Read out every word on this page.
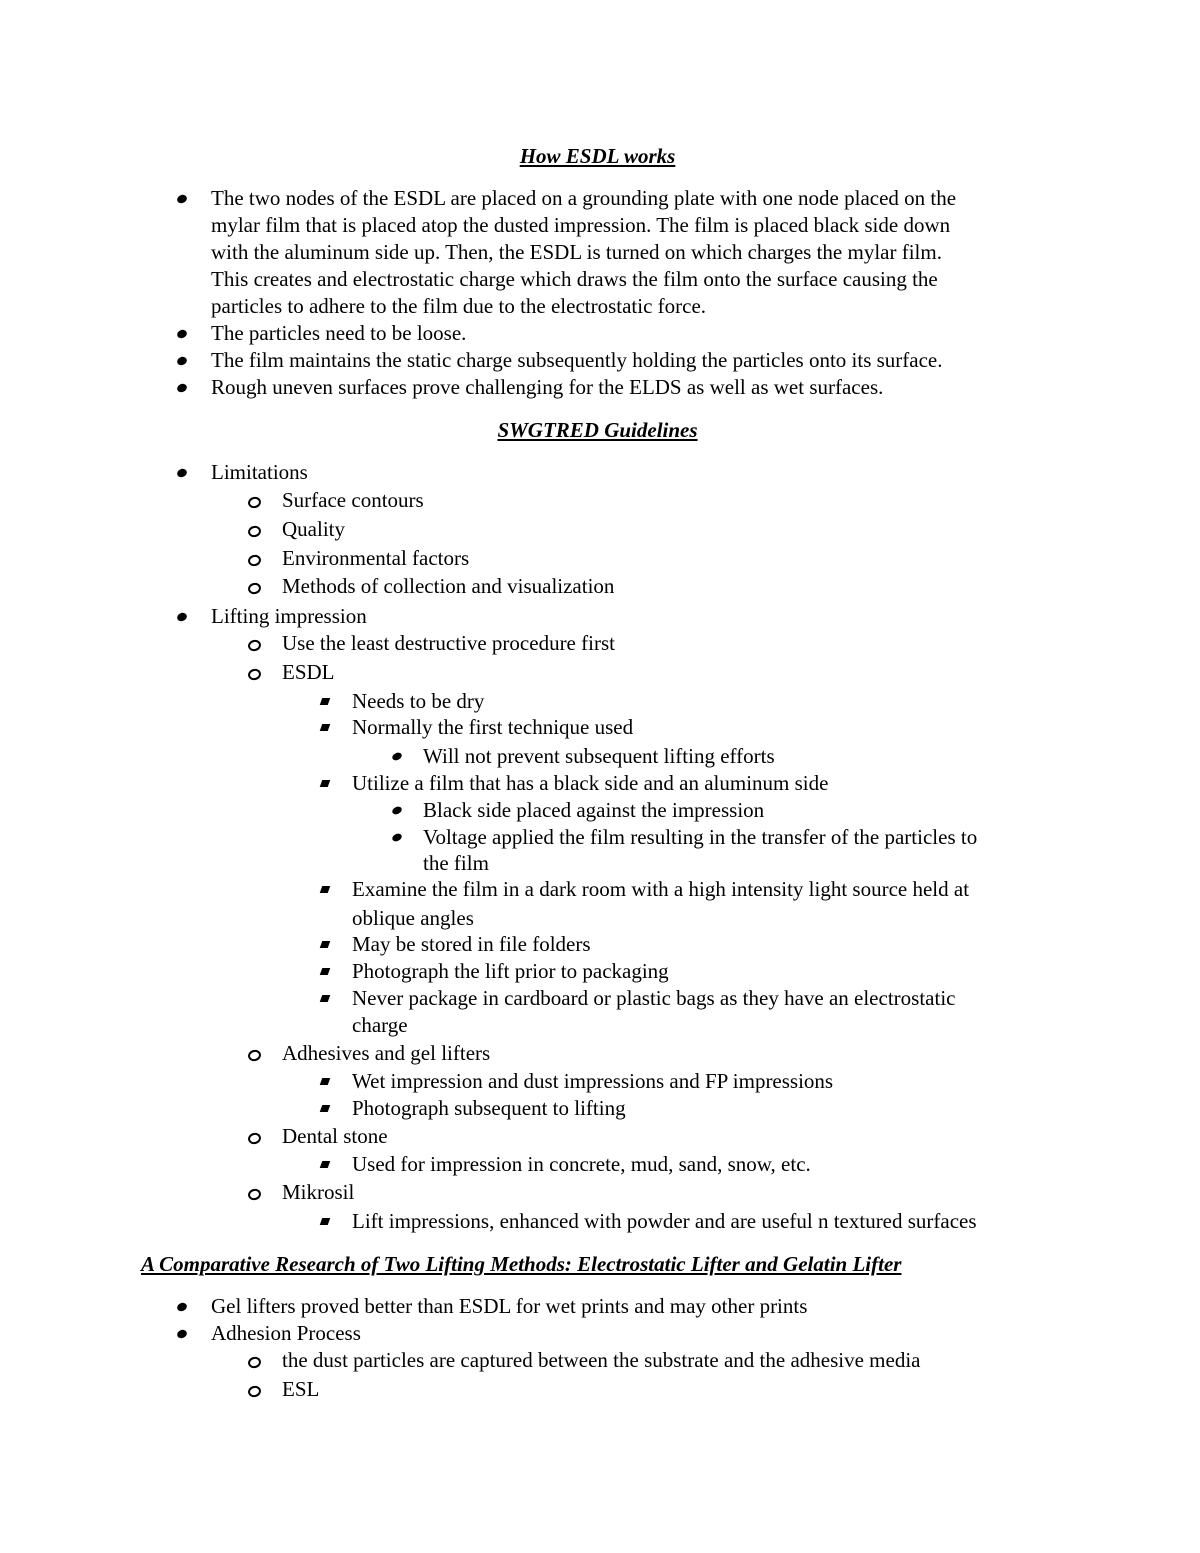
How ESDL works
The two nodes of the ESDL are placed on a grounding plate with one node placed on the
mylar film that is placed atop the dusted impression. The film is placed black side down
with the aluminum side up. Then, the ESDL is turned on which charges the mylar film.
This creates and electrostatic charge which draws the film onto the surface causing the
particles to adhere to the film due to the electrostatic force.
The particles need to be loose.
The film maintains the static charge subsequently holding the particles onto its surface.
Rough uneven surfaces prove challenging for the ELDS as well as wet surfaces.
SWGTRED Guidelines
Limitations
Surface contours
Quality
Environmental factors
Methods of collection and visualization
Lifting impression
Use the least destructive procedure first
ESDL
Needs to be dry
Normally the first technique used
Will not prevent subsequent lifting efforts
Utilize a film that has a black side and an aluminum side
Black side placed against the impression
Voltage applied the film resulting in the transfer of the particles to
the film
Examine the film in a dark room with a high intensity light source held at
oblique angles
May be stored in file folders
Photograph the lift prior to packaging
Never package in cardboard or plastic bags as they have an electrostatic
charge
Adhesives and gel lifters
Wet impression and dust impressions and FP impressions
Photograph subsequent to lifting
Dental stone
Used for impression in concrete, mud, sand, snow, etc.
Mikrosil
Lift impressions, enhanced with powder and are useful n textured surfaces
A Comparative Research of Two Lifting Methods: Electrostatic Lifter and Gelatin Lifter
Gel lifters proved better than ESDL for wet prints and may other prints
Adhesion Process
the dust particles are captured between the substrate and the adhesive media
ESL
